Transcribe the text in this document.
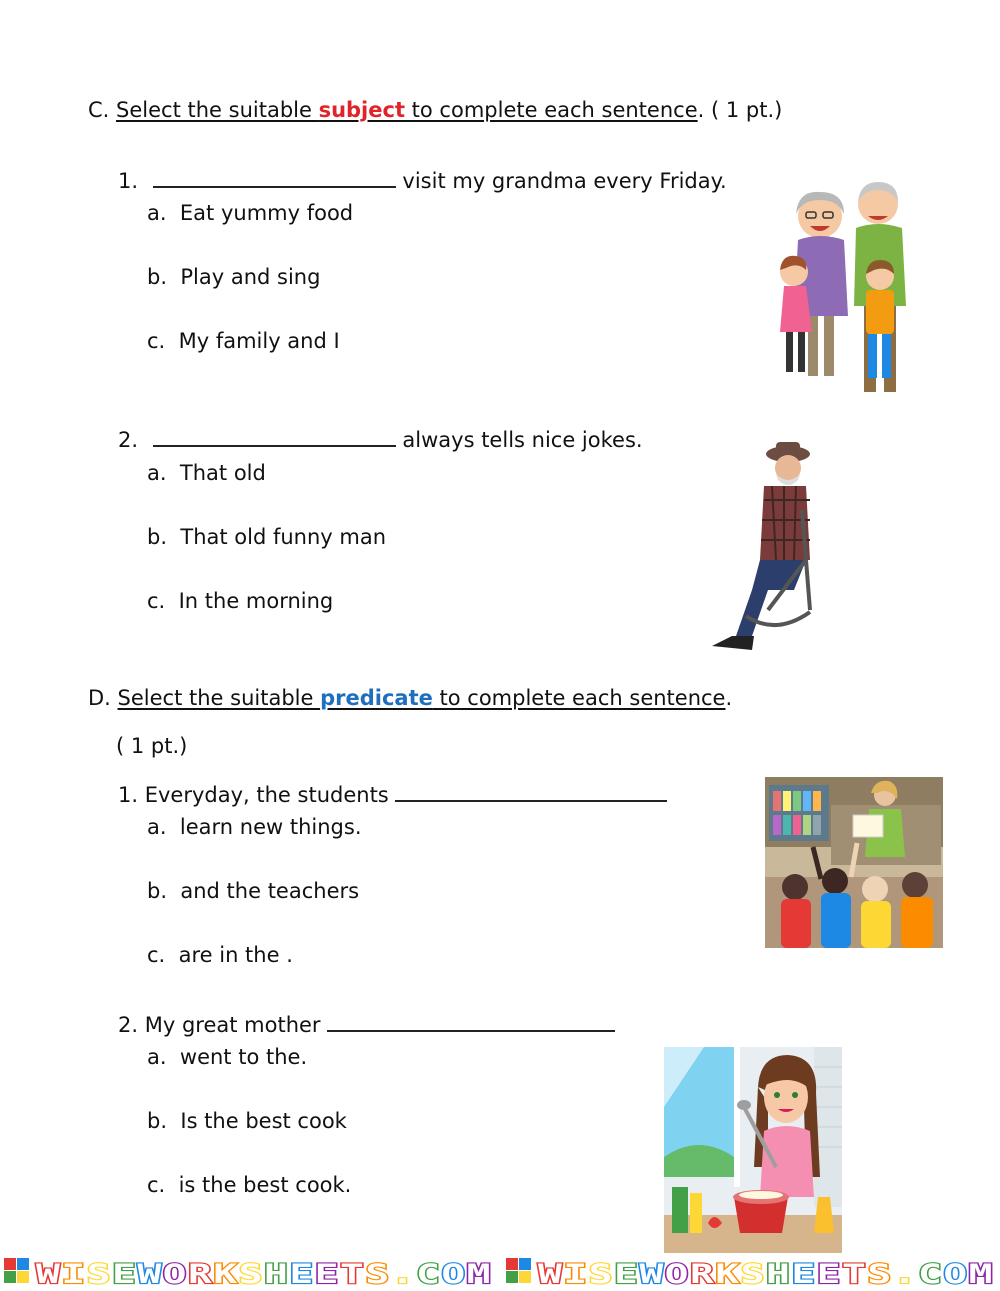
C. Select the suitable subject to complete each sentence. ( 1 pt.)
1.	visit my grandma every Friday.
a. Eat yummy food
b. Play and sing
c. My family and I
2.	always tells nice jokes.
a. That old
b. That old funny man
c. In the morning
D. Select the suitable predicate to complete each sentence.
( 1 pt.)
1. Everyday, the students
a. learn new things.
b. and the teachers
c. are in the .
2. My great mother
a. went to the.
b. Is the best cook
c. is the best cook.
W I S E W O R K S H E E T S . C O M W I S E W O R K S H E E T S . C O M
